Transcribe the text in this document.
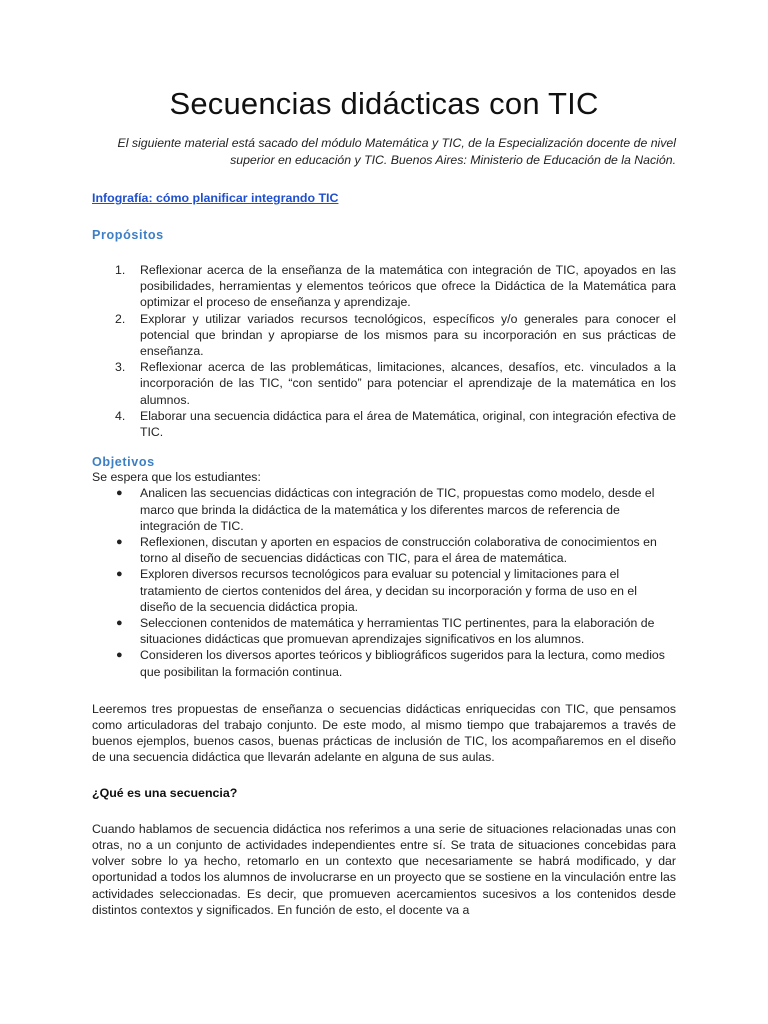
Secuencias didácticas con TIC

El siguiente material está sacado del módulo Matemática y TIC, de la Especialización docente de nivel superior en educación y TIC. Buenos Aires: Ministerio de Educación de la Nación.

Infografía: cómo planificar integrando TIC
Propósitos
1. Reflexionar acerca de la enseñanza de la matemática con integración de TIC, apoyados en las posibilidades, herramientas y elementos teóricos que ofrece la Didáctica de la Matemática para optimizar el proceso de enseñanza y aprendizaje.
2. Explorar y utilizar variados recursos tecnológicos, específicos y/o generales para conocer el potencial que brindan y apropiarse de los mismos para su incorporación en sus prácticas de enseñanza.
3. Reflexionar acerca de las problemáticas, limitaciones, alcances, desafíos, etc. vinculados a la incorporación de las TIC, “con sentido” para potenciar el aprendizaje de la matemática en los alumnos.
4. Elaborar una secuencia didáctica para el área de Matemática, original, con integración efectiva de TIC.
Objetivos

Se espera que los estudiantes:

● Analicen las secuencias didácticas con integración de TIC, propuestas como modelo, desde el marco que brinda la didáctica de la matemática y los diferentes marcos de referencia de integración de TIC.
● Reflexionen, discutan y aporten en espacios de construcción colaborativa de conocimientos en torno al diseño de secuencias didácticas con TIC, para el área de matemática.
● Exploren diversos recursos tecnológicos para evaluar su potencial y limitaciones para el tratamiento de ciertos contenidos del área, y decidan su incorporación y forma de uso en el diseño de la secuencia didáctica propia.
● Seleccionen contenidos de matemática y herramientas TIC pertinentes, para la elaboración de situaciones didácticas que promuevan aprendizajes significativos en los alumnos.
● Consideren los diversos aportes teóricos y bibliográficos sugeridos para la lectura, como medios que posibilitan la formación continua.

Leeremos tres propuestas de enseñanza o secuencias didácticas enriquecidas con TIC, que pensamos como articuladoras del trabajo conjunto. De este modo, al mismo tiempo que trabajaremos a través de buenos ejemplos, buenos casos, buenas prácticas de inclusión de TIC, los acompañaremos en el diseño de una secuencia didáctica que llevarán adelante en alguna de sus aulas.

¿Qué es una secuencia?

Cuando hablamos de secuencia didáctica nos referimos a una serie de situaciones relacionadas unas con otras, no a un conjunto de actividades independientes entre sí. Se trata de situaciones concebidas para volver sobre lo ya hecho, retomarlo en un contexto que necesariamente se habrá modificado, y dar oportunidad a todos los alumnos de involucrarse en un proyecto que se sostiene en la vinculación entre las actividades seleccionadas. Es decir, que promueven acercamientos sucesivos a los contenidos desde distintos contextos y significados. En función de esto, el docente va a
